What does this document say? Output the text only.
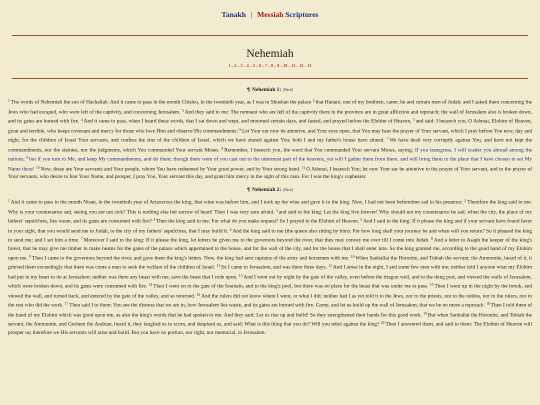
Tanakh | Messiah Scriptures
Nehemiah
1 – 2 – 3 – 4 – 5 – 6 – 7 – 8 – 9 – 10 – 11 – 12 – 13
¶ Nehemiah 1: (Back)
$^1$The words of Nehemiah the son of Hachaliah. And it came to pass in the month Chisleu, in the twentieth year, as I was in Shushan the palace $^2$that Hanani, one of my brethren, came; he and certain men of Judah; and I asked them concerning the Jews who had escaped, who were left of the captivity, and concerning Jerusalem. $^3$And they said to me: The remnant who are left of the captivity there in the province are in great affliction and reproach; the wall of Jerusalem also is broken down, and its gates are burned with fire. $^4$And it came to pass, when I heard these words, that I sat down and wept, and mourned certain days, and fasted, and prayed before the Elohim of Heaven, $^5$and said: I beseech you, O Adonai, Elohim of Heaven, great and terrible, who keeps covenant and mercy for those who love Him and observe His commandments: $^6$Let Your ear now be attentive, and Your eyes open, that You may hear the prayer of Your servant, which I pray before You now, day and night, for the children of Israel Your servants, and confess the sins of the children of Israel, which we have sinned against You; both I and my father's house have sinned. $^7$We have dealt very corruptly against You, and have not kept the commandments, nor the statutes, nor the judgments, which You commanded Your servant Moses. $^8$Remember, I beseech you, the word that You commanded Your servant Moses, saying: If you transgress, I will scatter you abroad among the nations; $^9$but if you turn to Me, and keep My commandments, and do them; though there were of you cast out to the uttermost part of the heavens, yet will I gather them from there, and will bring them to the place that I have chosen to set My Name there! $^{10}$Now, these are Your servants and Your people, whom You have redeemed by Your great power, and by Your strong hand. $^{11}$O Adonai, I beseech You; let now Your ear be attentive to the prayer of Your servant, and to the prayer of Your servants, who desire to fear Your Name, and prosper, I pray You, Your servant this day, and grant him mercy in the sight of this man. For I was the king's cupbearer.
¶ Nehemiah 2: (Back)
$^1$And it came to pass in the month Nisan, in the twentieth year of Artaxerxes the king, that wine was before him, and I took up the wine and gave it to the king. Now, I had not been beforetime sad in his presence. $^2$Therefore the king said to me: Why is your countenance sad, seeing you are not sick? This is nothing else but sorrow of heart! Then I was very sore afraid. $^3$and said to the king: Let the king live forever! Why should not my countenance be sad, when the city, the place of my fathers' sepulchres, lies waste, and its gates are consumed with fire? $^4$Then the king said to me: For what do you make request? So I prayed to the Elohim of Heaven. $^5$And I said to the king: If it please the king and if your servant have found favor in your sight, that you would send me to Judah, to the city of my fathers' sepulchres, that I may build it. $^6$And the king said to me (the queen also sitting by him): For how long shall your journey be and when will you return? So it pleased the king to send me; and I set him a time. $^7$Moreover I said to the king: If it please the king, let letters be given me to the governors beyond the river, that they may convey me over till I come into Judah. $^8$And a letter to Asaph the keeper of the king's forest, that he may give me timber to make beams for the gates of the palace which appertained to the house, and for the wall of the city, and for the house that I shall enter into. So the king granted me, according to the good hand of my Elohim upon me. $^9$Then I came to the governors beyond the river, and gave them the king's letters. Now, the king had sent captains of the army and horsemen with me. $^{10}$When Sanballat the Horonite, and Tobiah the servant, the Ammonite, heard of it, it grieved them exceedingly that there was come a man to seek the welfare of the children of Israel. $^{11}$So I came to Jerusalem, and was there three days. $^{12}$And I arose in the night, I and some few men with me; neither told I anyone what my Elohim had put in my heart to do at Jerusalem; neither was there any beast with me, save the beast that I rode upon. $^{13}$And I went out by night by the gate of the valley, even before the dragon well, and to the dung port, and viewed the walls of Jerusalem, which were broken down, and its gates were consumed with fire. $^{14}$Then I went on to the gate of the fountain, and to the king's pool, but there was no place for the beast that was under me to pass. $^{15}$Then I went up in the night by the brook, and viewed the wall, and turned back, and entered by the gate of the valley, and so returned. $^{16}$And the rulers did not know where I went, or what I did; neither had I as yet told it to the Jews, nor to the priests, nor to the nobles, nor to the rulers, nor to the rest who did the work. $^{17}$Then said I to them: You see the distress that we are in, how Jerusalem lies waste, and its gates are burned with fire. Come, and let us build up the wall of Jerusalem, that we be no more a reproach. $^{18}$Then I told them of the hand of my Elohim which was good upon me, as also the king's words that he had spoken to me. And they said: Let us rise up and build! So they strengthened their hands for this good work. $^{19}$But when Sanballat the Horonite, and Tobiah the servant, the Ammonite, and Geshem the Arabian, heard it, they laughed us to scorn, and despised us, and said: What is this thing that you do? Will you rebel against the king? $^{20}$Then I answered them, and said to them: The Elohim of Heaven will prosper us; therefore we His servants will arise and build. But you have no portion, nor right, nor memorial, in Jerusalem.
